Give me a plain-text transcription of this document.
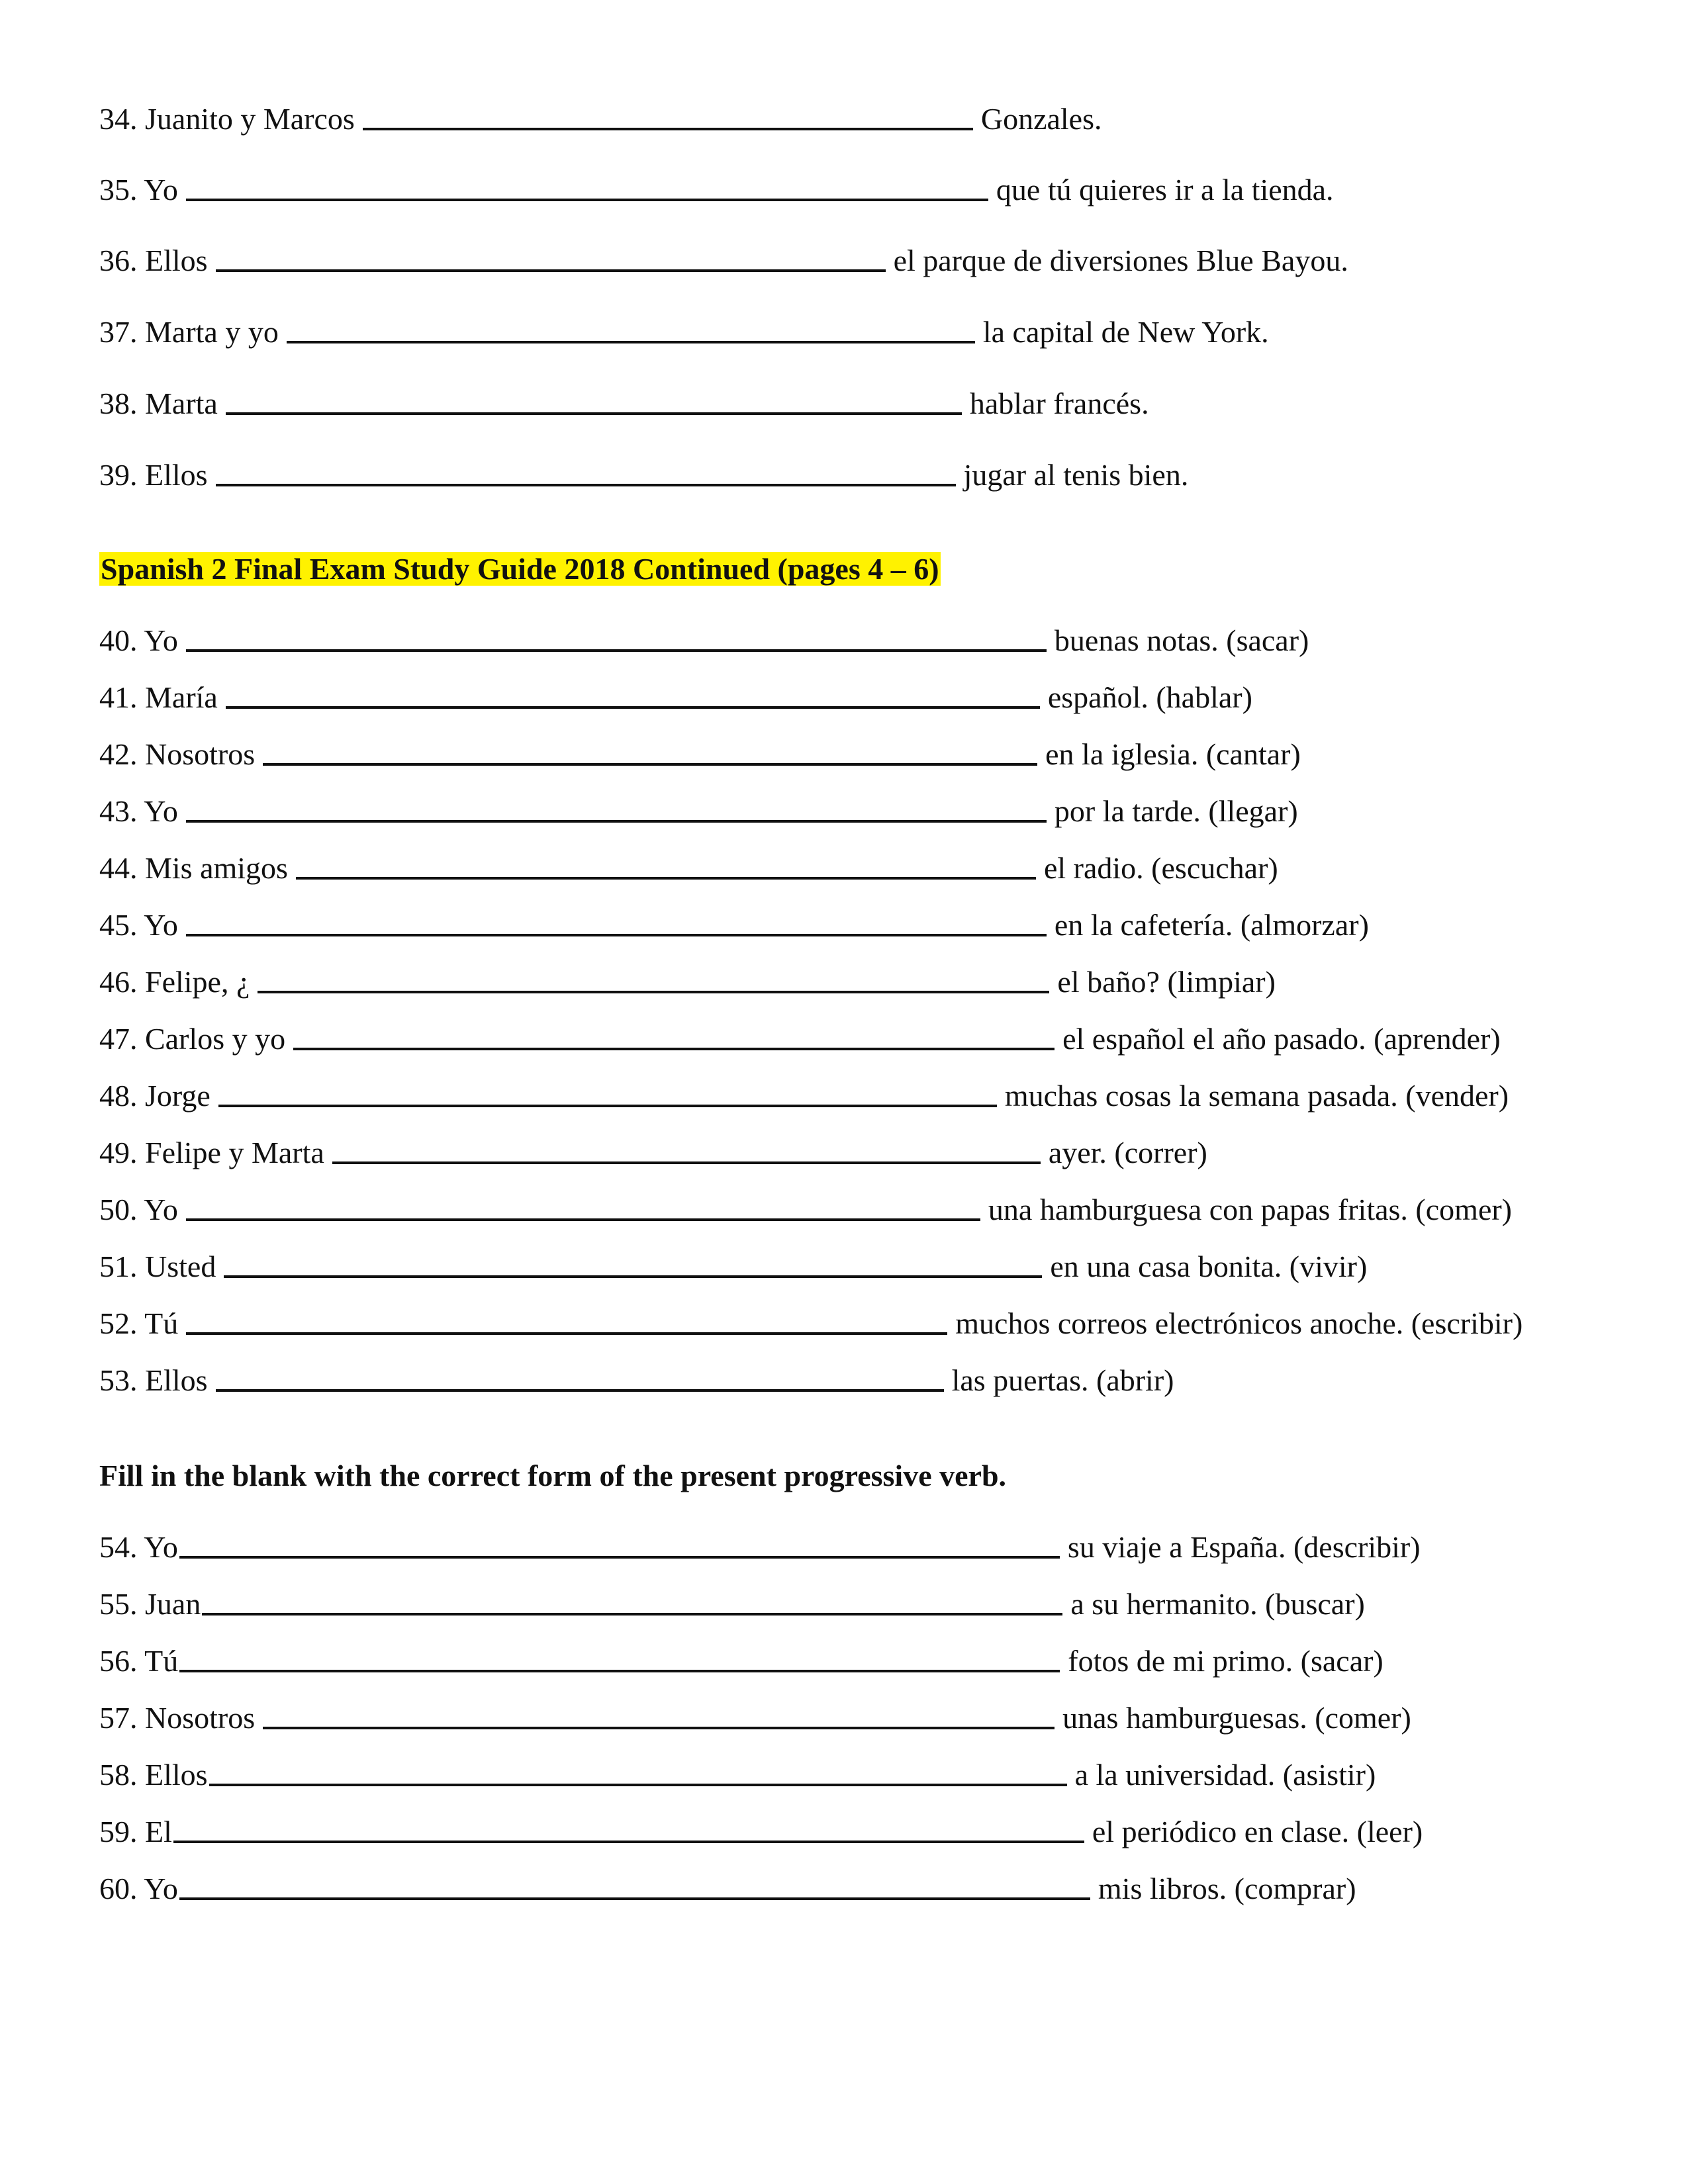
34. Juanito y Marcos	Gonzales.
35. Yo	que tú quieres ir a la tienda.
36. Ellos	el parque de diversiones Blue Bayou.
37. Marta y yo	la capital de New York.
38. Marta	hablar francés.
39. Ellos	jugar al tenis bien.
Spanish 2 Final Exam Study Guide 2018 Continued (pages 4 – 6)
40. Yo	buenas notas. (sacar)
41. María	español. (hablar)
42. Nosotros	en la iglesia. (cantar)
43. Yo	por la tarde. (llegar)
44. Mis amigos	el radio. (escuchar)
45. Yo	en la cafetería. (almorzar)
46. Felipe, ¿	el baño? (limpiar)
47. Carlos y yo	el español el año pasado. (aprender)
48. Jorge	muchas cosas la semana pasada. (vender)
49. Felipe y Marta	ayer. (correr)
50. Yo	una hamburguesa con papas fritas. (comer)
51. Usted	en una casa bonita. (vivir)
52. Tú	muchos correos electrónicos anoche. (escribir)
53. Ellos	las puertas. (abrir)
Fill in the blank with the correct form of the present progressive verb.
54. Yo	su viaje a España. (describir)
55. Juan	a su hermanito. (buscar)
56. Tú	fotos de mi primo. (sacar)
57. Nosotros	unas hamburguesas. (comer)
58. Ellos	a la universidad. (asistir)
59. El	el periódico en clase. (leer)
60. Yo	mis libros. (comprar)
